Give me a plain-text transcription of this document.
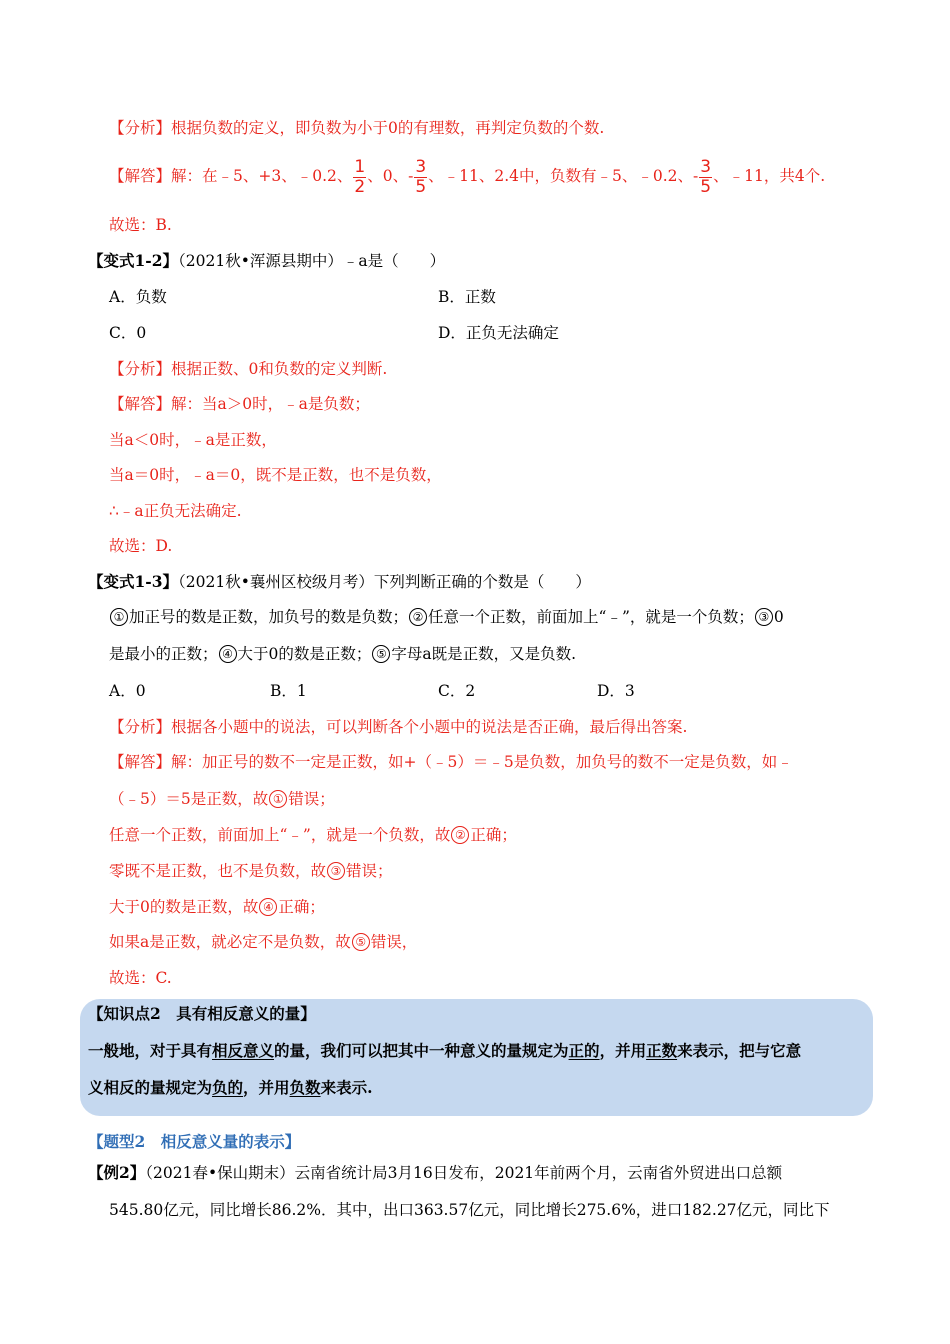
【分析】根据负数的定义，即负数为小于0的有理数，再判定负数的个数.
【解答】解：在﹣5、+3、﹣0.2、 $\frac{1}{2}$ 、0、- $\frac{3}{5}$ 、﹣11、2.4中，负数有﹣5、﹣0.2、- $\frac{3}{5}$ 、﹣11，共4个.
故选：B.
【变式1-2】（2021秋•浑源县期中）﹣a是（　　）
A．负数	B．正数
C．0	D．正负无法确定
【分析】根据正数、0和负数的定义判断.
【解答】解：当a＞0时，﹣a是负数；
当a＜0时，﹣a是正数，
当a＝0时，﹣a＝0，既不是正数，也不是负数，
∴﹣a正负无法确定.
故选：D.
【变式1-3】（2021秋•襄州区校级月考）下列判断正确的个数是（　　）
① 加正号的数是正数，加负号的数是负数； ② 任意一个正数，前面加上“﹣”，就是一个负数； ③ 0
是最小的正数； ④ 大于0的数是正数； ⑤ 字母a既是正数，又是负数.
A．0	B．1	C．2	D．3
【分析】根据各小题中的说法，可以判断各个小题中的说法是否正确，最后得出答案.
【解答】解：加正号的数不一定是正数，如+（﹣5）＝﹣5是负数，加负号的数不一定是负数，如﹣
（﹣5）＝5是正数，故 ① 错误；
任意一个正数，前面加上“﹣”，就是一个负数，故 ② 正确；
零既不是正数，也不是负数，故 ③ 错误；
大于0的数是正数，故 ④ 正确；
如果a是正数，就必定不是负数，故 ⑤ 错误，
故选：C.
【知识点2　具有相反意义的量】
一般地，对于具有相反意义的量，我们可以把其中一种意义的量规定为正的，并用正数来表示，把与它意
义相反的量规定为负的，并用负数来表示.
【题型2　相反意义量的表示】
【例2】（2021春•保山期末）云南省统计局3月16日发布，2021年前两个月，云南省外贸进出口总额
545.80亿元，同比增长86.2%．其中，出口363.57亿元，同比增长275.6%，进口182.27亿元，同比下
